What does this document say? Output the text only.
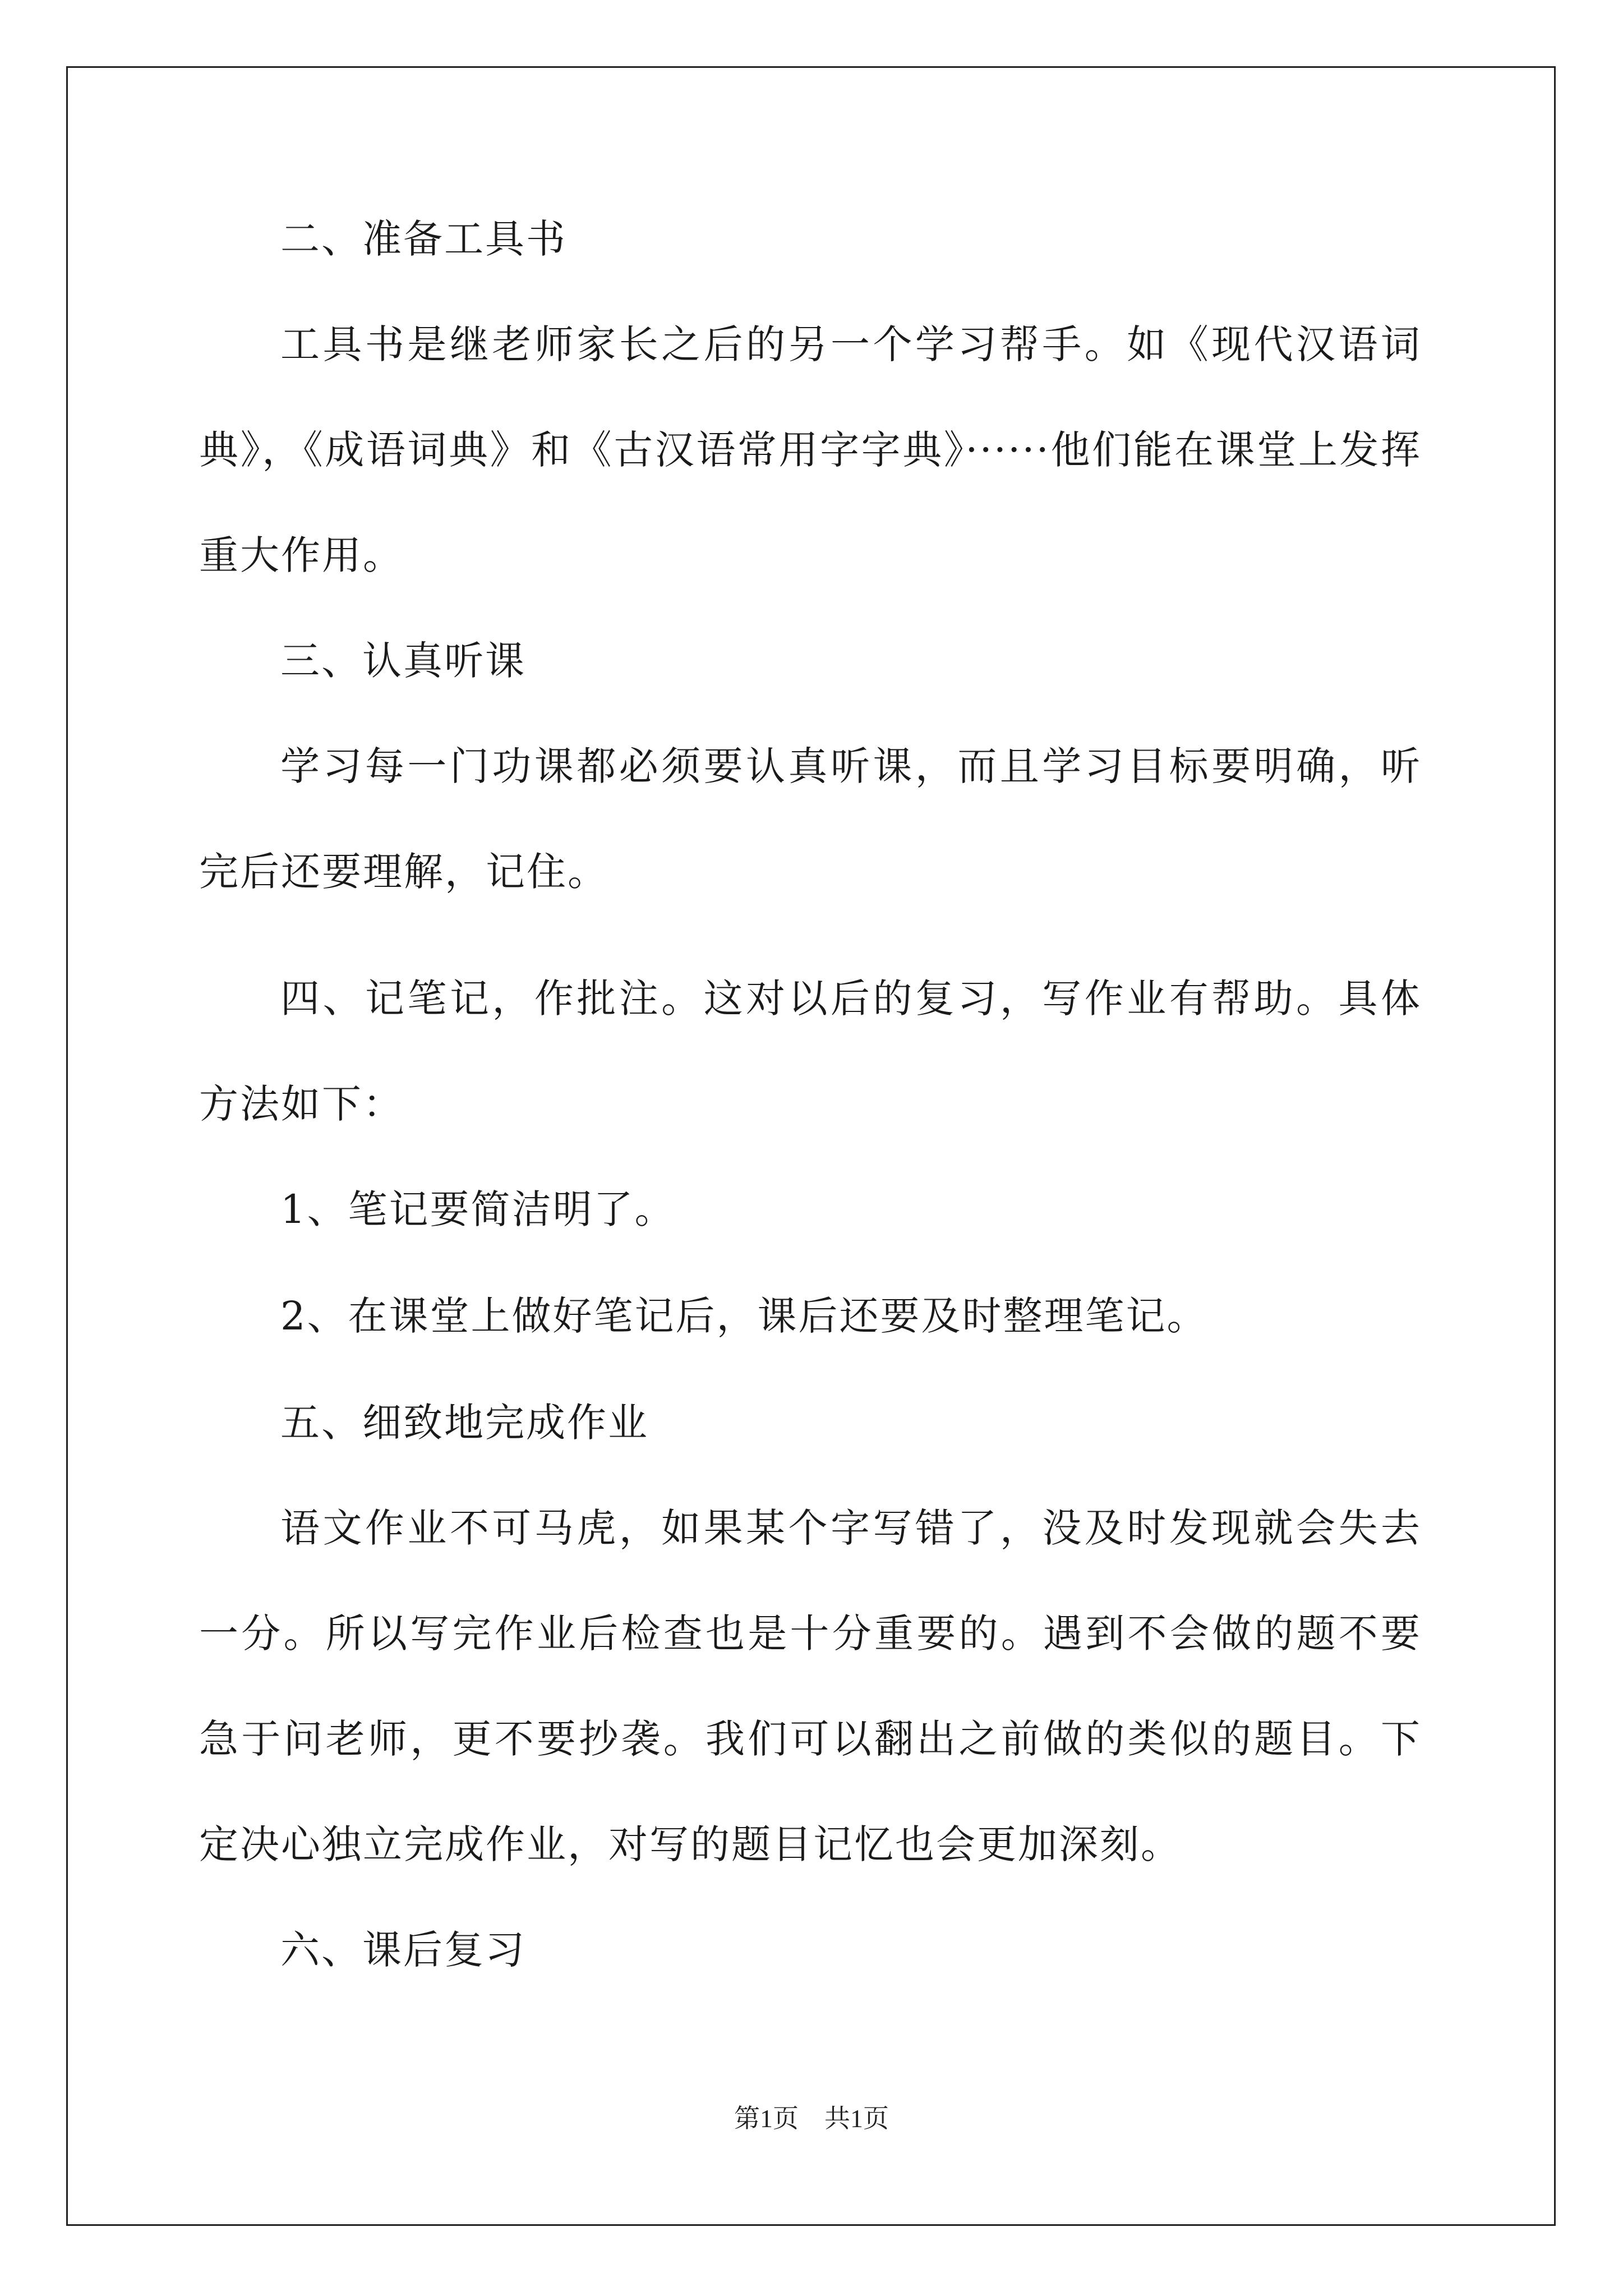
二、准备工具书

工具书是继老师家长之后的另一个学习帮手。如《现代汉语词典》，《成语词典》和《古汉语常用字字典》······他们能在课堂上发挥重大作用。

三、认真听课

学习每一门功课都必须要认真听课，而且学习目标要明确，听完后还要理解，记住。

四、记笔记，作批注。这对以后的复习，写作业有帮助。具体方法如下：

1、笔记要简洁明了。

2、在课堂上做好笔记后，课后还要及时整理笔记。

五、细致地完成作业

语文作业不可马虎，如果某个字写错了，没及时发现就会失去一分。所以写完作业后检查也是十分重要的。遇到不会做的题不要急于问老师，更不要抄袭。我们可以翻出之前做的类似的题目。下定决心独立完成作业，对写的题目记忆也会更加深刻。

六、课后复习

第1页　共1页
